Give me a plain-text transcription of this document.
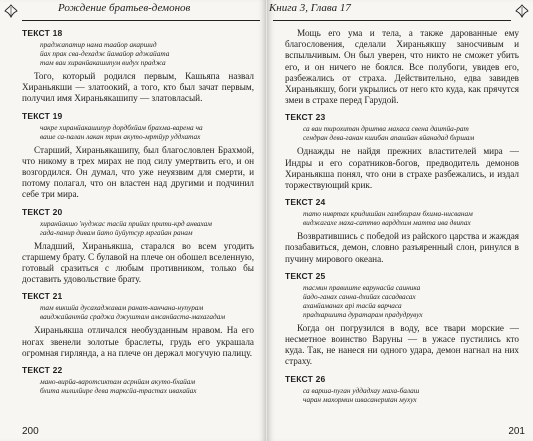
Рождение братьев-демонов
ТЕКСТ 18
праджапатир нама таайор акаршид
йах прак сва-дехадж йамайор аджайата
там ваи хиранйакашипум видух праджа
Того, который родился первым, Кашьяпа назвал Хираньякши — златоокий, а того, кто был зачат первым, получил имя Хираньякашипу — златовласый.
ТЕКСТ 19
чакре хиранйакашипур дордбхйам брахма-варена ча
ваше са-палан лакан трин акуто-мртйур уддхатах
Старший, Хираньякашипу, был благословлен Брахмой, что никому в трех мирах не под силу умертвить его, и он возгордился. Он думал, что уже неуязвим для смерти, и потому полагал, что он властен над другими и подчинил себе три мира.
ТЕКСТ 20
хиранйакшо 'нуджас тасйа прийах прити-крд анвахам
гада-панир дивам йато йуйутсур мргайан ранам
Младший, Хираньякша, старался во всем угодить старшему брату. С булавой на плече он обошел вселенную, готовый сразиться с любым противником, только бы доставить удовольствие брату.
ТЕКСТ 21
там викшйа дусахаджавам ранат-канчана-нупурам
ваиджайантйа сраджа джуштам амсанйаста-махагадам
Хираньякша отличался необузданным нравом. На его ногах звенели золотые браслеты, грудь его украшала огромная гирлянда, а на плече он держал могучую палицу.
ТЕКСТ 22
мано-вирйа-варотсиктам асрнйам акуто-бхайам
бхита нилилйире дева тарксйа-трастах ивахайах
200
Книга 3, Глава 17
Мощь его ума и тела, а также дарованные ему благословения, сделали Хираньякшу заносчивым и вспыльчивым. Он был уверен, что никто не сможет убить его, и он ничего не боялся. Все полубоги, увидев его, разбежались от страха. Действительно, едва завидев Хираньякшу, боги укрылись от него кто куда, как прячутся змеи в страхе перед Гарудой.
ТЕКСТ 23
са ваи тирохитан дрштва махаса свена даитйа-рат
сендран дева-ганан кшибан апашйан вйанадад бхршам
Однажды не найдя прежних властителей мира — Индры и его соратников-богов, предводитель демонов Хираньякша понял, что они в страхе разбежались, и издал торжествующий крик.
ТЕКСТ 24
тато нивртах кридишйан гамбхирам бхима-нисванам
виджагахе маха-саттво варддхим матта ива двипах
Возвратившись с победой из райского царства и жаждая позабавиться, демон, словно разъяренный слон, ринулся в пучину мирового океана.
ТЕКСТ 25
тасмин правиште варунасйа саиника
йадо-ганах санна-дхийах сасадвасах
аханйаманах api тасйа варчаса
прадхаршита дуратарам прадудрувух
Когда он погрузился в воду, все твари морские — несметное воинство Варуны — в ужасе пустились кто куда. Так, не нанеся ни одного удара, демон нагнал на них страху.
ТЕКСТ 26
са варша-пуган уддадхау маха-балаш
чаран махормин швасанериtан мухух
201
